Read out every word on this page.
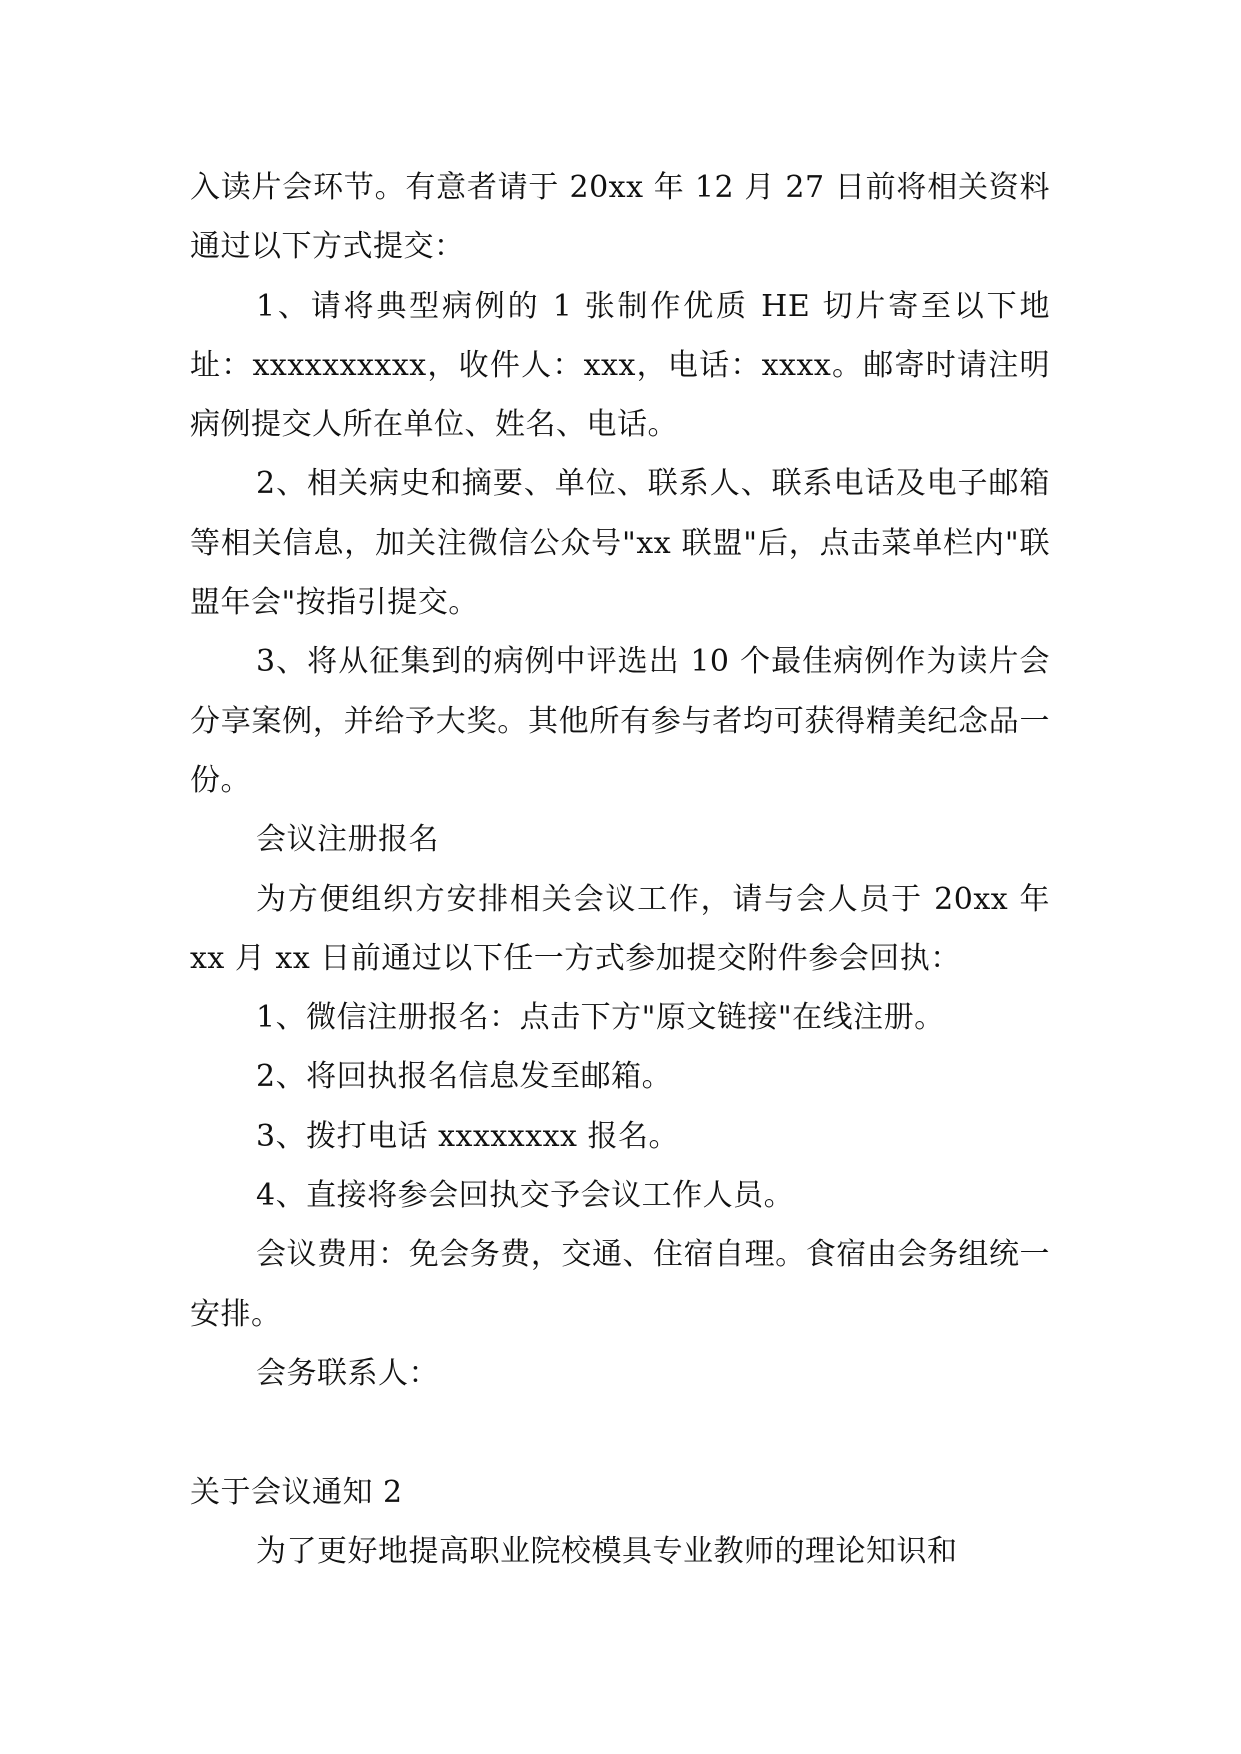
入读片会环节。有意者请于 20xx 年 12 月 27 日前将相关资料通过以下方式提交：

1、请将典型病例的 1 张制作优质 HE 切片寄至以下地址：xxxxxxxxxx，收件人：xxx，电话：xxxx。邮寄时请注明病例提交人所在单位、姓名、电话。

2、相关病史和摘要、单位、联系人、联系电话及电子邮箱等相关信息，加关注微信公众号"xx 联盟"后，点击菜单栏内"联盟年会"按指引提交。

3、将从征集到的病例中评选出 10 个最佳病例作为读片会分享案例，并给予大奖。其他所有参与者均可获得精美纪念品一份。

会议注册报名

为方便组织方安排相关会议工作，请与会人员于 20xx 年 xx 月 xx 日前通过以下任一方式参加提交附件参会回执：

1、微信注册报名：点击下方"原文链接"在线注册。

2、将回执报名信息发至邮箱。

3、拨打电话 xxxxxxxx 报名。

4、直接将参会回执交予会议工作人员。

会议费用：免会务费，交通、住宿自理。食宿由会务组统一安排。

会务联系人：

关于会议通知 2

为了更好地提高职业院校模具专业教师的理论知识和
